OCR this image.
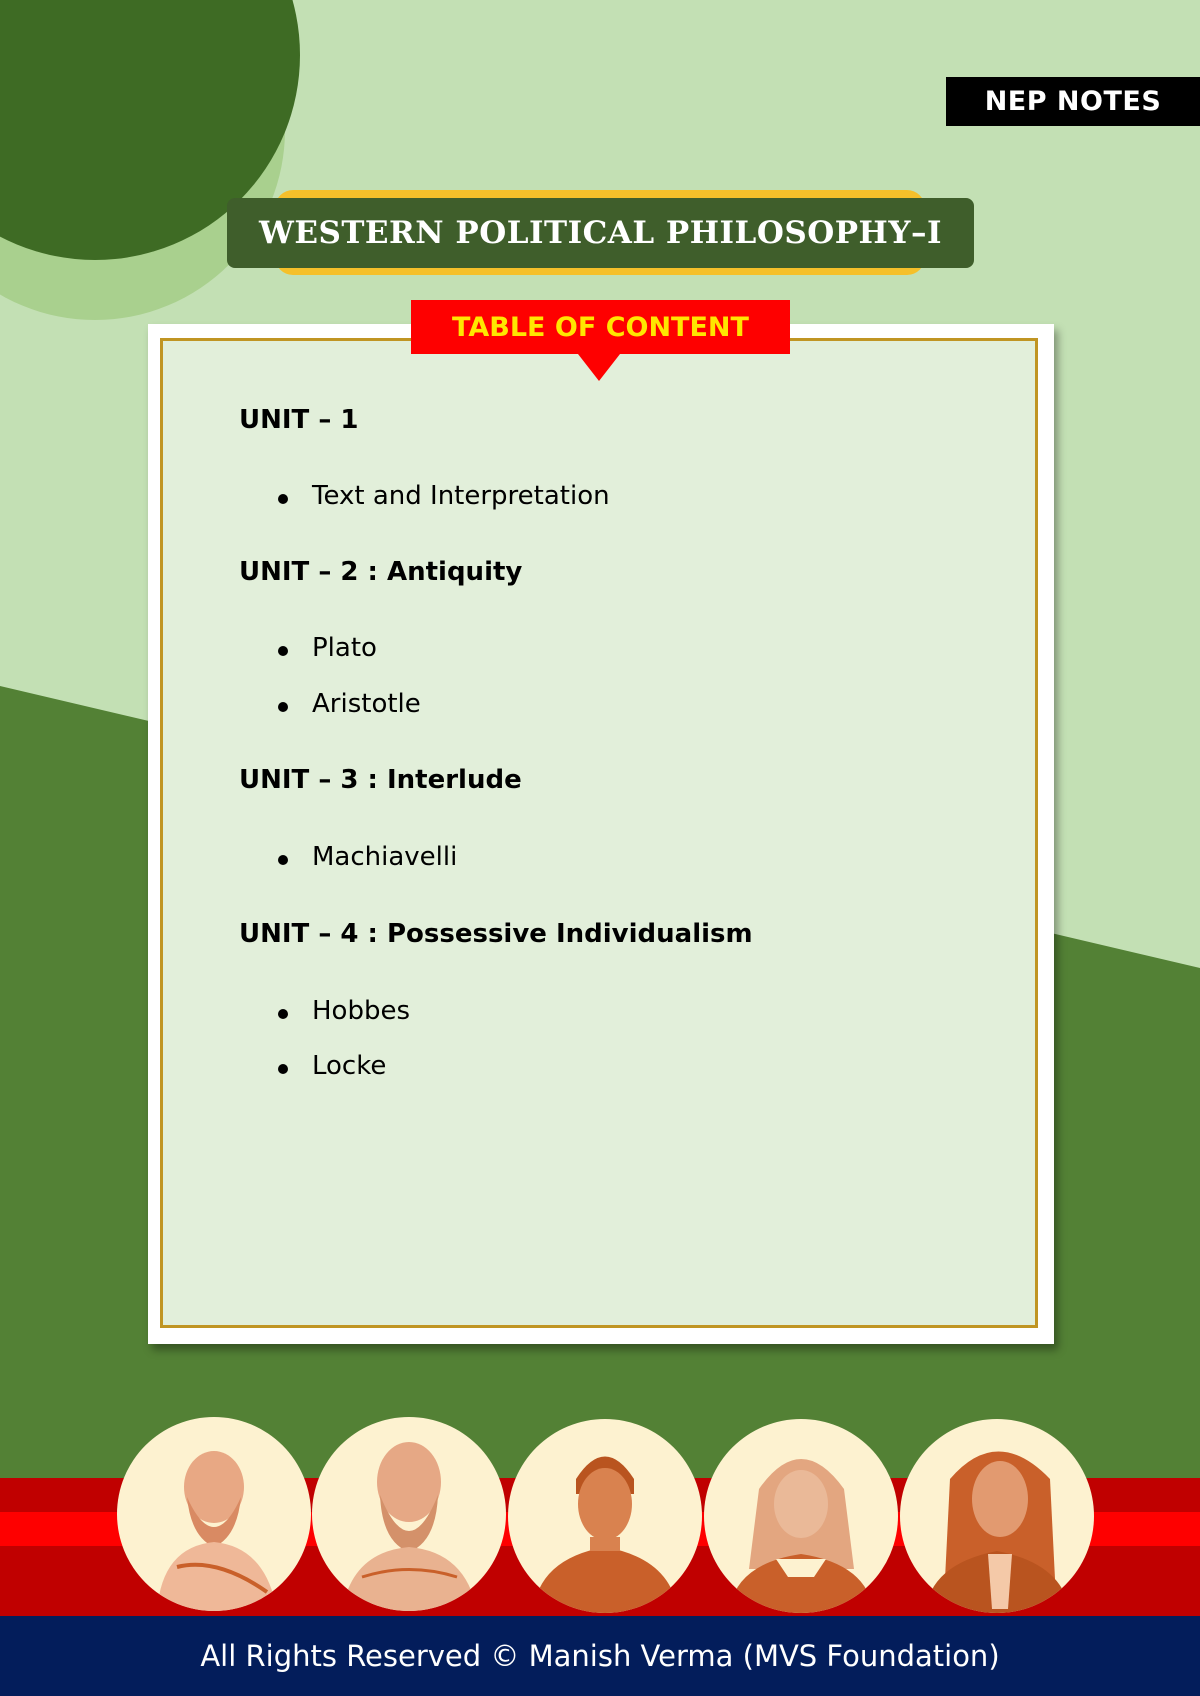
NEP NOTES
WESTERN POLITICAL PHILOSOPHY–I
TABLE OF CONTENT
UNIT – 1
Text and Interpretation
UNIT – 2 : Antiquity
Plato
Aristotle
UNIT – 3 : Interlude
Machiavelli
UNIT – 4 : Possessive Individualism
Hobbes
Locke
All Rights Reserved © Manish Verma (MVS Foundation)
